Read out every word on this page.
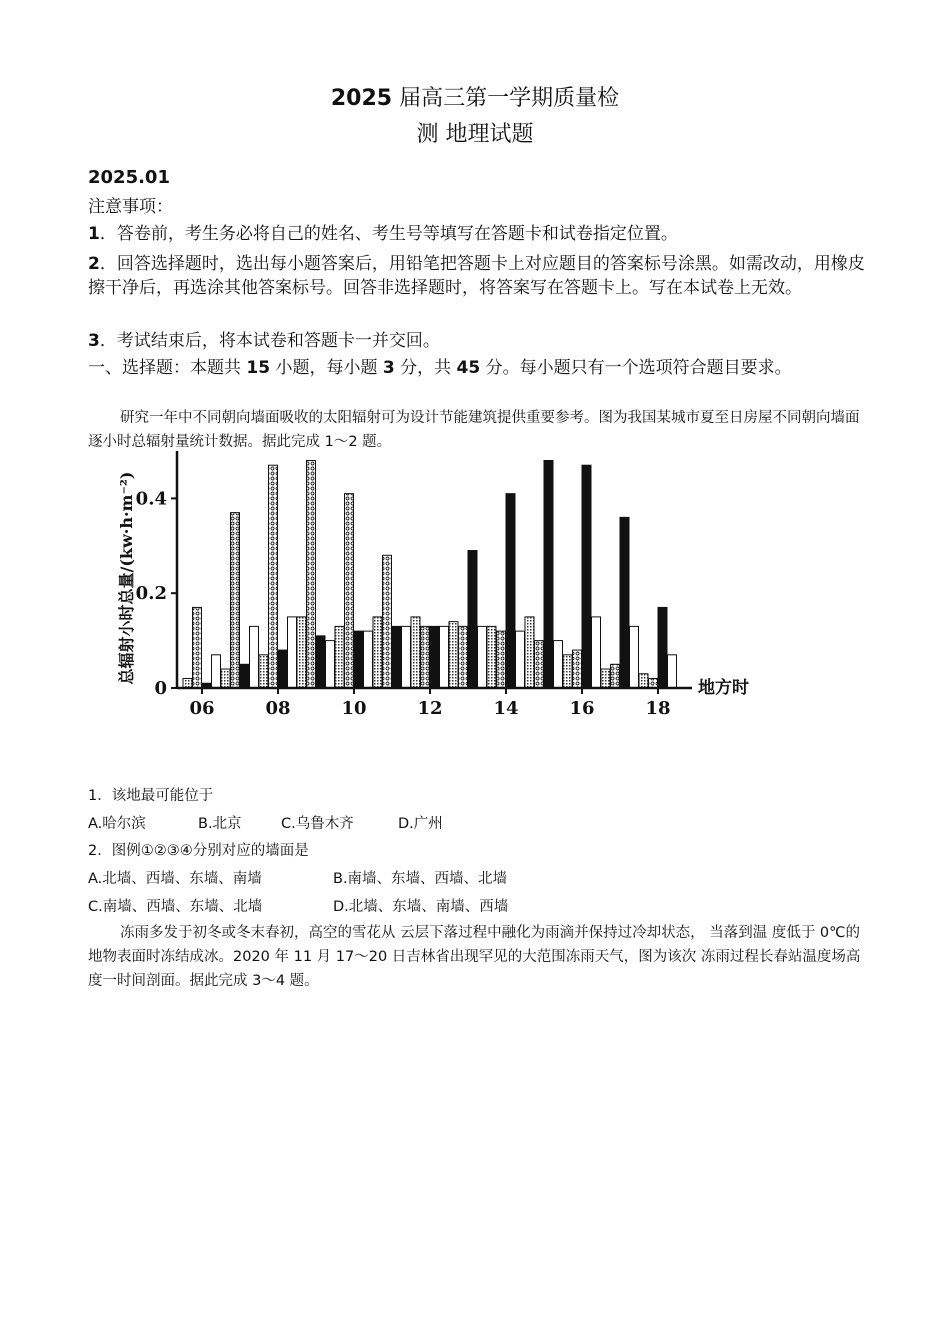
2025 届高三第一学期质量检
测 地理试题
2025.01

注意事项：

1．答卷前，考生务必将自己的姓名、考生号等填写在答题卡和试卷指定位置。

2．回答选择题时，选出每小题答案后，用铅笔把答题卡上对应题目的答案标号涂黑。如需改动，用橡皮擦干净后，再选涂其他答案标号。回答非选择题时，将答案写在答题卡上。写在本试卷上无效。

3．考试结束后，将本试卷和答题卡一并交回。

一、选择题：本题共 15 小题，每小题 3 分，共 45 分。每小题只有一个选项符合题目要求。

研究一年中不同朝向墙面吸收的太阳辐射可为设计节能建筑提供重要参考。图为我国某城市夏至日房屋不同朝向墙面逐小时总辐射量统计数据。据此完成 1～2 题。

总辐射小时总量/(kw·h·m⁻²)
0
0.2
0.4
06	08	10	12	14	16	18
地方时
1．该地最可能位于
A.哈尔滨	B.北京	C.乌鲁木齐	D.广州
2．图例①②③④分别对应的墙面是
A.北墙、西墙、东墙、南墙	B.南墙、东墙、西墙、北墙
C.南墙、西墙、东墙、北墙	D.北墙、东墙、南墙、西墙

冻雨多发于初冬或冬末春初，高空的雪花从 云层下落过程中融化为雨滴并保持过冷却状态， 当落到温 度低于 0℃的地物表面时冻结成冰。2020 年 11 月 17～20 日吉林省出现罕见的大范围冻雨天气，图为该次 冻雨过程长春站温度场高度一时间剖面。据此完成 3～4 题。
